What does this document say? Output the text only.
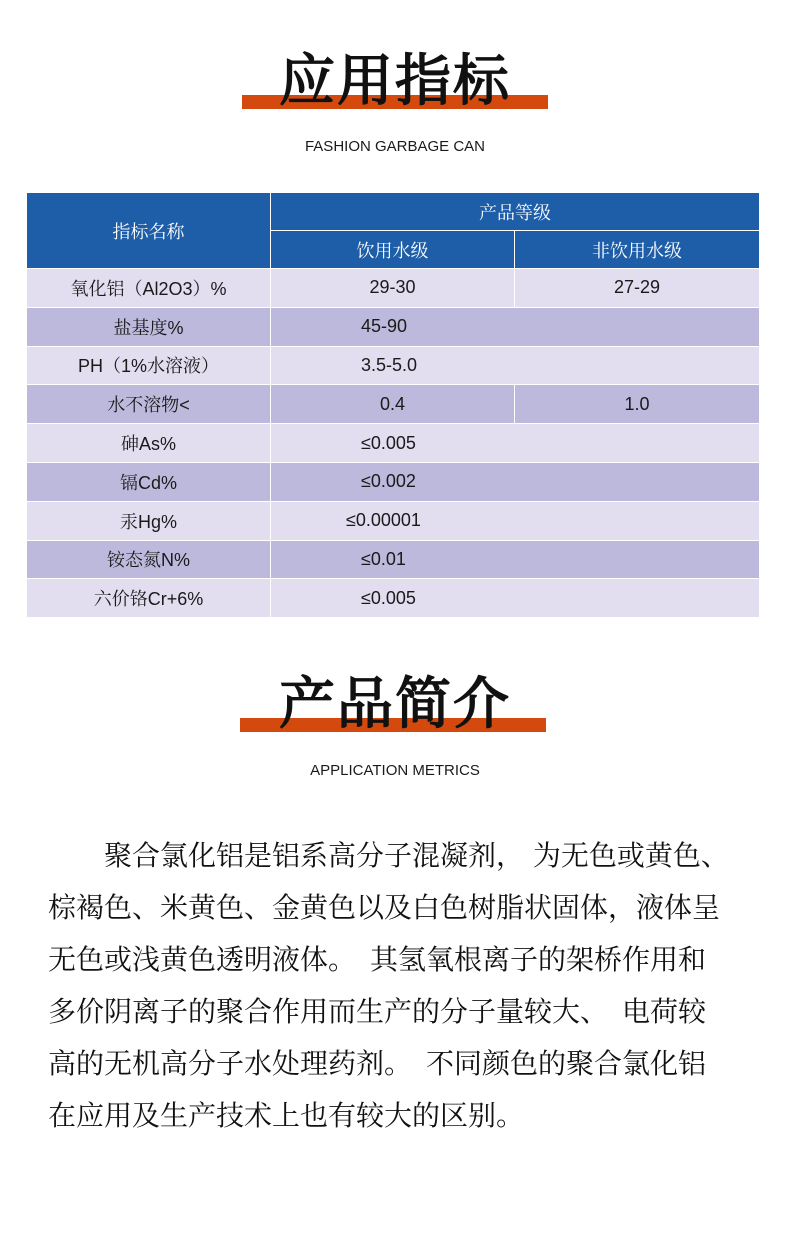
应用指标
FASHION GARBAGE CAN
指标名称	产品等级	
	饮用水级	非饮用水级
氧化铝（Al2O3）%	29-30	27-29
盐基度%	45-90	
PH（1%水溶液）	3.5-5.0	
水不溶物<	0.4	1.0
砷As%	≤0.005	
镉Cd%	≤0.002	
汞Hg%	≤0.00001	
铵态氮N%	≤0.01	
六价铬Cr+6%	≤0.005	
产品简介
APPLICATION METRICS
　　聚合氯化铝是铝系高分子混凝剂， 为无色或黄色、
棕褐色、米黄色、金黄色以及白色树脂状固体，液体呈
无色或浅黄色透明液体。　其氢氧根离子的架桥作用和
多价阴离子的聚合作用而生产的分子量较大、　电荷较
高的无机高分子水处理药剂。　不同颜色的聚合氯化铝
在应用及生产技术上也有较大的区别。
